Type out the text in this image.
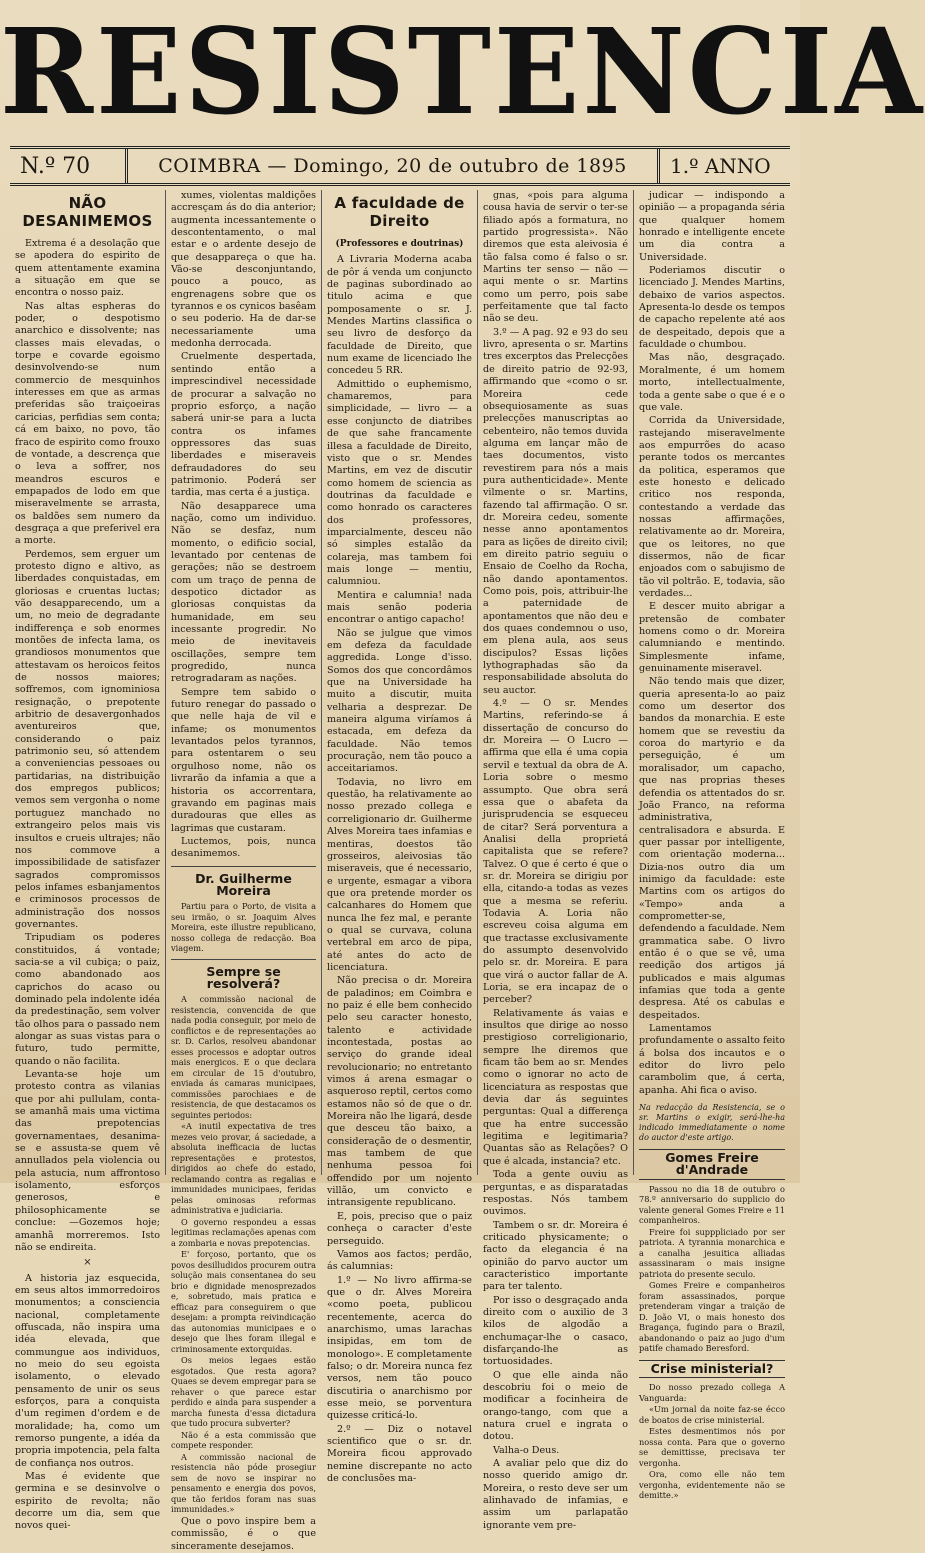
RESISTENCIA
N.º 70	COIMBRA — Domingo, 20 de outubro de 1895	1.º ANNO
NÃO DESANIMEMOS

Extrema é a desolação que se apodera do espirito de quem attentamente examina a situação em que se encontra o nosso paiz.

Nas altas espheras do poder, o despotismo anarchico e dissolvente; nas classes mais elevadas, o torpe e covarde egoismo desinvolvendo-se num commercio de mesquinhos interesses em que as armas preferidas são traiçoeiras caricias, perfidias sem conta; cá em baixo, no povo, tão fraco de espirito como frouxo de vontade, a descrença que o leva a soffrer, nos meandros escuros e empapados de lodo em que miseravelmente se arrasta, os baldões sem numero da desgraça a que preferivel era a morte.

Perdemos, sem erguer um protesto digno e altivo, as liberdades conquistadas, em gloriosas e cruentas luctas; vão desapparecendo, um a um, no meio de degradante indifferença e sob enormes montões de infecta lama, os grandiosos monumentos que attestavam os heroicos feitos de nossos maiores; soffremos, com ignominiosa resignação, o prepotente arbitrio de desavergonhados aventureiros que, considerando o paiz patrimonio seu, só attendem a conveniencias pessoaes ou partidarias, na distribuição dos empregos publicos; vemos sem vergonha o nome portuguez manchado no extrangeiro pelos mais vis insultos e crueis ultrajes; não nos commove a impossibilidade de satisfazer sagrados compromissos pelos infames esbanjamentos e criminosos processos de administração dos nossos governantes.

Tripudiam os poderes constituidos, á vontade; sacia-se a vil cubiça; o paiz, como abandonado aos caprichos do acaso ou dominado pela indolente idéa da predestinação, sem volver tão olhos para o passado nem alongar as suas vistas para o futuro, tudo permitte, quando o não facilita.

Levanta-se hoje um protesto contra as vilanias que por ahi pullulam, conta-se amanhã mais uma victima das prepotencias governamentaes, desanima-se e assusta-se quem vê annullados pela violencia ou pela astucia, num affrontoso isolamento, esforços generosos, e philosophicamente se conclue: —Gozemos hoje; amanhã morreremos. Isto não se endireita.

×

A historia jaz esquecida, em seus altos immorredoiros monumentos; a consciencia nacional, completamente offuscada, não inspira uma idéa elevada, que commungue aos individuos, no meio do seu egoista isolamento, o elevado pensamento de unir os seus esforços, para a conquista d'um regimen d'ordem e de moralidade; ha, como um remorso pungente, a idéa da propria impotencia, pela falta de confiança nos outros.

Mas é evidente que germina e se desinvolve o espirito de revolta; não decorre um dia, sem que novos quei-

xumes, violentas maldições accresçam ás do dia anterior; augmenta incessantemente o descontentamento, o mal estar e o ardente desejo de que desappareça o que ha. Vão-se desconjuntando, pouco a pouco, as engrenagens sobre que os tyrannos e os cynicos basêam o seu poderio. Ha de dar-se necessariamente uma medonha derrocada.

Cruelmente despertada, sentindo então a imprescindivel necessidade de procurar a salvação no proprio esforço, a nação saberá unir-se para a lucta contra os infames oppressores das suas liberdades e miseraveis defraudadores do seu patrimonio. Poderá ser tardia, mas certa é a justiça.

Não desapparece uma nação, como um individuo. Não se desfaz, num momento, o edificio social, levantado por centenas de gerações; não se destroem com um traço de penna de despotico dictador as gloriosas conquistas da humanidade, em seu incessante progredir. No meio de inevitaveis oscillações, sempre tem progredido, nunca retrogradaram as nações.

Sempre tem sabido o futuro renegar do passado o que nelle haja de vil e infame; os monumentos levantados pelos tyrannos, para ostentarem o seu orgulhoso nome, não os livrarão da infamia a que a historia os accorrentara, gravando em paginas mais duradouras que elles as lagrimas que custaram.

Luctemos, pois, nunca desanimemos.

Dr. Guilherme Moreira

Partiu para o Porto, de visita a seu irmão, o sr. Joaquim Alves Moreira, este illustre republicano, nosso collega de redacção. Boa viagem.

Sempre se resolverá?

A commissão nacional de resistencia, convencida de que nada podia conseguir, por meio de conflictos e de representações ao sr. D. Carlos, resolveu abandonar esses processos e adoptar outros mais energicos. E o que declara em circular de 15 d'outubro, enviada ás camaras municipaes, commissões parochiaes e de resistencia, de que destacamos os seguintes periodos:

«A inutil expectativa de tres mezes veio provar, á saciedade, a absoluta inefficacia de luctas representações e protestos, dirigidos ao chefe do estado, reclamando contra as regalias e immunidades municipaes, feridas pelas ominosas reformas administrativa e judiciaria.

O governo respondeu a essas legitimas reclamações apenas com a zombaria e novas prepotencias.

E' forçoso, portanto, que os povos desilludidos procurem outra solução mais consentanea do seu brio e dignidade menosprezados e, sobretudo, mais pratica e efficaz para conseguirem o que desejam: a prompta reivindicação das autonomias municipaes e o desejo que lhes foram illegal e criminosamente extorquidas.

Os meios legaes estão esgotados. Que resta agora? Quaes se devem empregar para se rehaver o que parece estar perdido e ainda para suspender a marcha funesta d'essa dictadura que tudo procura subverter?

Não é a esta commissão que compete responder.

A commissão nacional de resistencia não póde prosegiur sem de novo se inspirar no pensamento e energia dos povos, que tão feridos foram nas suas immunidades.»

Que o povo inspire bem a commissão, é o que sinceramente desejamos.

A faculdade de Direito
(Professores e doutrinas)

A Livraria Moderna acaba de pôr á venda um conjuncto de paginas subordinado ao titulo acima e que pomposamente o sr. J. Mendes Martins classifica o seu livro de desforço da faculdade de Direito, que num exame de licenciado lhe concedeu 5 RR.

Admittido o euphemismo, chamaremos, para simplicidade, — livro — a esse conjuncto de diatribes de que sahe francamente illesa a faculdade de Direito, visto que o sr. Mendes Martins, em vez de discutir como homem de sciencia as doutrinas da faculdade e como honrado os caracteres dos professores, imparcialmente, desceu não só simples estalão da colareja, mas tambem foi mais longe — mentiu, calumniou.

Mentira e calumnia! nada mais senão poderia encontrar o antigo capacho!

Não se julgue que vimos em defeza da faculdade aggredida. Longe d'isso. Somos dos que concordâmos que na Universidade ha muito a discutir, muita velharia a desprezar. De maneira alguma viríamos á estacada, em defeza da faculdade. Não temos procuração, nem tão pouco a acceitariamos.

Todavia, no livro em questão, ha relativamente ao nosso prezado collega e correligionario dr. Guilherme Alves Moreira taes infamias e mentiras, doestos tão grosseiros, aleivosias tão miseraveis, que é necessario, e urgente, esmagar a vibora que ora pretende morder os calcanhares do Homem que nunca lhe fez mal, e perante o qual se curvava, coluna vertebral em arco de pipa, até antes do acto de licenciatura.

Não precisa o dr. Moreira de paladinos; em Coimbra e no paiz é elle bem conhecido pelo seu caracter honesto, talento e actividade incontestada, postas ao serviço do grande ideal revolucionario; no entretanto vimos á arena esmagar o asqueroso reptil, certos como estamos não só de que o dr. Moreira não lhe ligará, desde que desceu tão baixo, a consideração de o desmentir, mas tambem de que nenhuma pessoa foi offendido por um nojento villão, um convicto e intransigente republicano.

E, pois, preciso que o paiz conheça o caracter d'este perseguido.

Vamos aos factos; perdão, ás calumnias:

1.º — No livro affirma-se que o dr. Alves Moreira «como poeta, publicou recentemente, acerca do anarchismo, umas larachas insipidas, em tom de monologo». E completamente falso; o dr. Moreira nunca fez versos, nem tão pouco discutiria o anarchismo por esse meio, se porventura quizesse criticá-lo.

2.º — Diz o notavel scientifico que o sr. dr. Moreira ficou approvado nemine discrepante no acto de conclusões ma-

gnas, «pois para alguma cousa havia de servir o ter-se filiado após a formatura, no partido progressista». Não diremos que esta aleivosia é tão falsa como é falso o sr. Martins ter senso — não — aqui mente o sr. Martins como um perro, pois sabe perfeitamente que tal facto não se deu.

3.º — A pag. 92 e 93 do seu livro, apresenta o sr. Martins tres excerptos das Prelecções de direito patrio de 92-93, affirmando que «como o sr. Moreira cede obsequiosamente as suas prelecções manuscriptas ao cebenteiro, não temos duvida alguma em lançar mão de taes documentos, visto revestirem para nós a mais pura authenticidade». Mente vilmente o sr. Martins, fazendo tal affirmação. O sr. dr. Moreira cedeu, somente nesse anno apontamentos para as lições de direito civil; em direito patrio seguiu o Ensaio de Coelho da Rocha, não dando apontamentos. Como pois, pois, attribuir-lhe a paternidade de apontamentos que não deu e dos quaes condemnou o uso, em plena aula, aos seus discipulos? Essas lições lythographadas são da responsabilidade absoluta do seu auctor.

4.º — O sr. Mendes Martins, referindo-se á dissertação de concurso do dr. Moreira — O Lucro — affirma que ella é uma copia servil e textual da obra de A. Loria sobre o mesmo assumpto. Que obra será essa que o abafeta da jurisprudencia se esqueceu de citar? Será porventura a Analisi della proprietá capitalista que se refere? Talvez. O que é certo é que o sr. dr. Moreira se dirigiu por ella, citando-a todas as vezes que a mesma se referiu. Todavia A. Loria não escreveu coisa alguma em que tractasse exclusivamente do assumpto desenvolvido pelo sr. dr. Moreira. E para que virá o auctor fallar de A. Loria, se era incapaz de o perceber?

Relativamente ás vaias e insultos que dirige ao nosso prestigioso correligionario, sempre lhe diremos que ficam tão bem ao sr. Mendes como o ignorar no acto de licenciatura as respostas que devia dar ás seguintes perguntas: Qual a differença que ha entre successão legitima e legitimaria? Quantas são as Relações? O que é alcada, instancia? etc.

Toda a gente ouviu as perguntas, e as disparatadas respostas. Nós tambem ouvimos.

Tambem o sr. dr. Moreira é criticado physicamente; o facto da elegancia é na opinião do parvo auctor um caracteristico importante para ter talento.

Por isso o desgraçado anda direito com o auxilio de 3 kilos de algodão a enchumaçar-lhe o casaco, disfarçando-lhe as tortuosidades.

O que elle ainda não descobriu foi o meio de modificar a focinheira de orango-tango, com que a natura cruel e ingrata o dotou.

Valha-o Deus.

A avaliar pelo que diz do nosso querido amigo dr. Moreira, o resto deve ser um alinhavado de infamias, e assim um parlapatão ignorante vem pre-

judicar — indispondo a opinião — a propaganda séria que qualquer homem honrado e intelligente encete um dia contra a Universidade.

Poderiamos discutir o licenciado J. Mendes Martins, debaixo de varios aspectos. Apresenta-lo desde os tempos de capacho repelente até aos de despeitado, depois que a faculdade o chumbou.

Mas não, desgraçado. Moralmente, é um homem morto, intellectualmente, toda a gente sabe o que é e o que vale.

Corrida da Universidade, rastejando miseravelmente aos empurrões do acaso perante todos os mercantes da politica, esperamos que este honesto e delicado critico nos responda, contestando a verdade das nossas affirmações, relativamente ao dr. Moreira, que os leitores, no que dissermos, não de ficar enjoados com o sabujismo de tão vil poltrão. E, todavia, são verdades...

E descer muito abrigar a pretensão de combater homens como o dr. Moreira calumniando e mentindo. Simplesmente infame, genuinamente miseravel.

Não tendo mais que dizer, queria apresenta-lo ao paiz como um desertor dos bandos da monarchia. E este homem que se revestiu da coroa do martyrio e da perseguição, é um moralisador, um capacho, que nas proprias theses defendia os attentados do sr. João Franco, na reforma administrativa, centralisadora e absurda. E quer passar por intelligente, com orientação moderna... Dizia-nos outro dia um inimigo da faculdade: este Martins com os artigos do «Tempo» anda a comprometter-se, defendendo a faculdade. Nem grammatica sabe. O livro então é o que se vê, uma reedição dos artigos já publicados e mais algumas infamias que toda a gente despresa. Até os cabulas e despeitados.

Lamentamos profundamente o assalto feito á bolsa dos incautos e o editor do livro pelo carambolim que, á certa, apanha. Ahi fica o aviso.

Na redacção da Resistencia, se o sr. Martins o exigir, será-lhe-ha indicado immediatamente o nome do auctor d'este artigo.
Gomes Freire d'Andrade

Passou no dia 18 de outubro o 78.º anniversario do supplicio do valente general Gomes Freire e 11 companheiros.

Freire foi supppliciado por ser patriota. A tyrannia monarchica e a canalha jesuitica alliadas assassinaram o mais insigne patriota do presente seculo.

Gomes Freire e companheiros foram assassinados, porque pretenderam vingar a traição de D. João VI, o mais honesto dos Bragança, fugindo para o Brazil, abandonando o paiz ao jugo d'um patife chamado Beresford.

Crise ministerial?

Do nosso prezado collega A Vanguarda:

«Um jornal da noite faz-se écco de boatos de crise ministerial.

Estes desmentimos nós por nossa conta. Para que o governo se demittisse, precisava ter vergonha.

Ora, como elle não tem vergonha, evidentemente não se demitte.»
